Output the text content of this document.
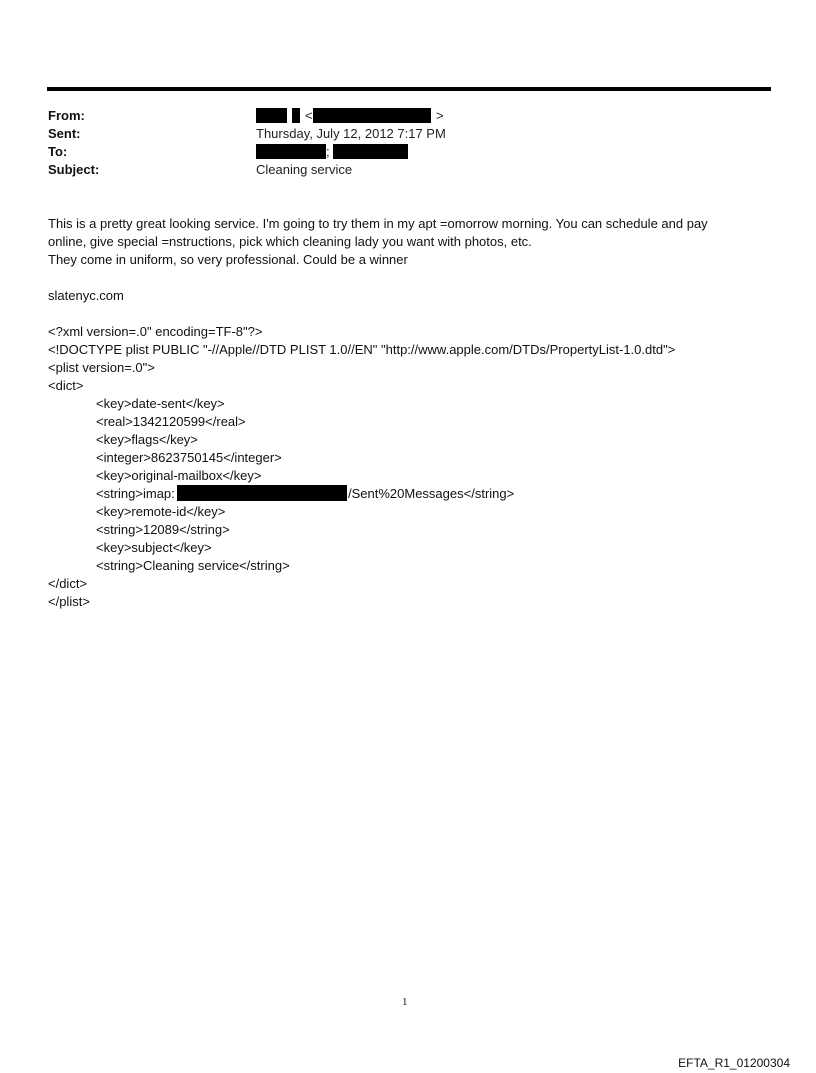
From:
Sent:
To:
Subject:
<	>
Thursday, July 12, 2012 7:17 PM
;
Cleaning service
This is a pretty great looking service. I'm going to try them in my apt =omorrow morning. You can schedule and pay
online, give special =nstructions, pick which cleaning lady you want with photos, etc.
They come in uniform, so very professional. Could be a winner
slatenyc.com
<?xml version=.0" encoding=TF-8"?>
<!DOCTYPE plist PUBLIC "-//Apple//DTD PLIST 1.0//EN" "http://www.apple.com/DTDs/PropertyList-1.0.dtd">
<plist version=.0">
<dict>
<key>date-sent</key>
<real>1342120599</real>
<key>flags</key>
<integer>8623750145</integer>
<key>original-mailbox</key>
<string>imap:	/Sent%20Messages</string>
<key>remote-id</key>
<string>12089</string>
<key>subject</key>
<string>Cleaning service</string>
</dict>
</plist>
1
EFTA_R1_01200304
